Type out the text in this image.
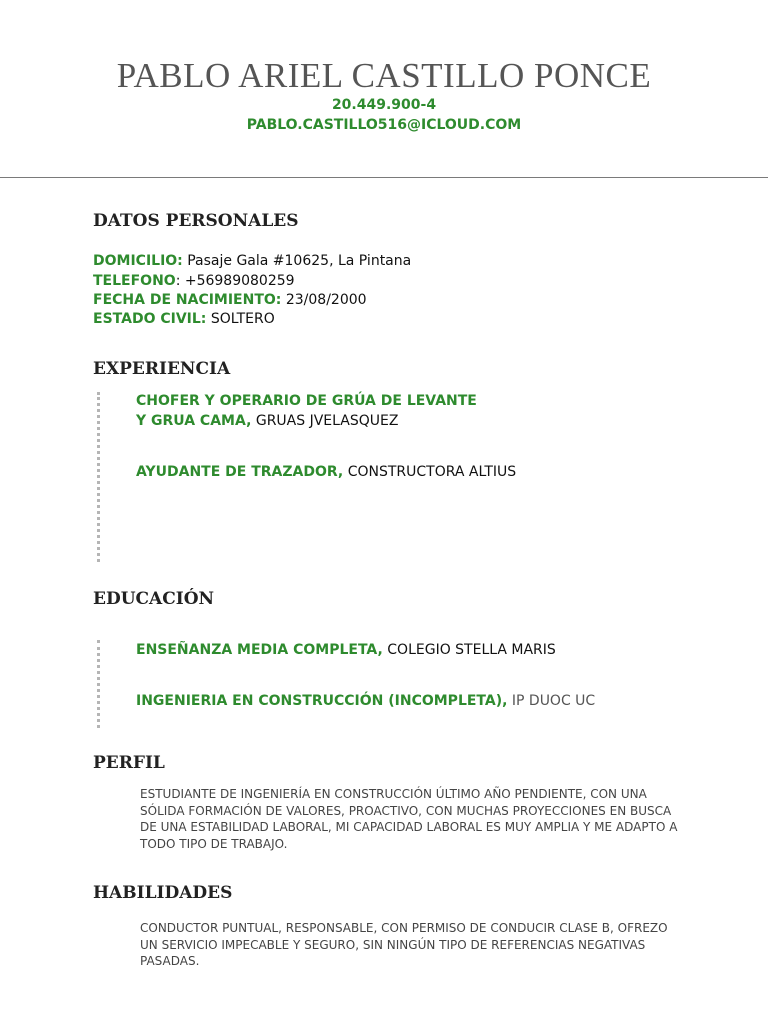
PABLO ARIEL CASTILLO PONCE
20.449.900-4
PABLO.CASTILLO516@ICLOUD.COM
DATOS PERSONALES
DOMICILIO: Pasaje Gala #10625, La Pintana
TELEFONO: +56989080259
FECHA DE NACIMIENTO: 23/08/2000
ESTADO CIVIL: SOLTERO
EXPERIENCIA
CHOFER Y OPERARIO DE GRÚA DE LEVANTE
Y GRUA CAMA, GRUAS JVELASQUEZ
AYUDANTE DE TRAZADOR, CONSTRUCTORA ALTIUS
EDUCACIÓN
ENSEÑANZA MEDIA COMPLETA, COLEGIO STELLA MARIS
INGENIERIA EN CONSTRUCCIÓN (INCOMPLETA), IP DUOC UC
PERFIL

ESTUDIANTE DE INGENIERÍA EN CONSTRUCCIÓN ÚLTIMO AÑO PENDIENTE, CON UNA SÓLIDA FORMACIÓN DE VALORES, PROACTIVO, CON MUCHAS PROYECCIONES EN BUSCA DE UNA ESTABILIDAD LABORAL, MI CAPACIDAD LABORAL ES MUY AMPLIA Y ME ADAPTO A TODO TIPO DE TRABAJO.

HABILIDADES

CONDUCTOR PUNTUAL, RESPONSABLE, CON PERMISO DE CONDUCIR CLASE B, OFREZO UN SERVICIO IMPECABLE Y SEGURO, SIN NINGÚN TIPO DE REFERENCIAS NEGATIVAS PASADAS.
